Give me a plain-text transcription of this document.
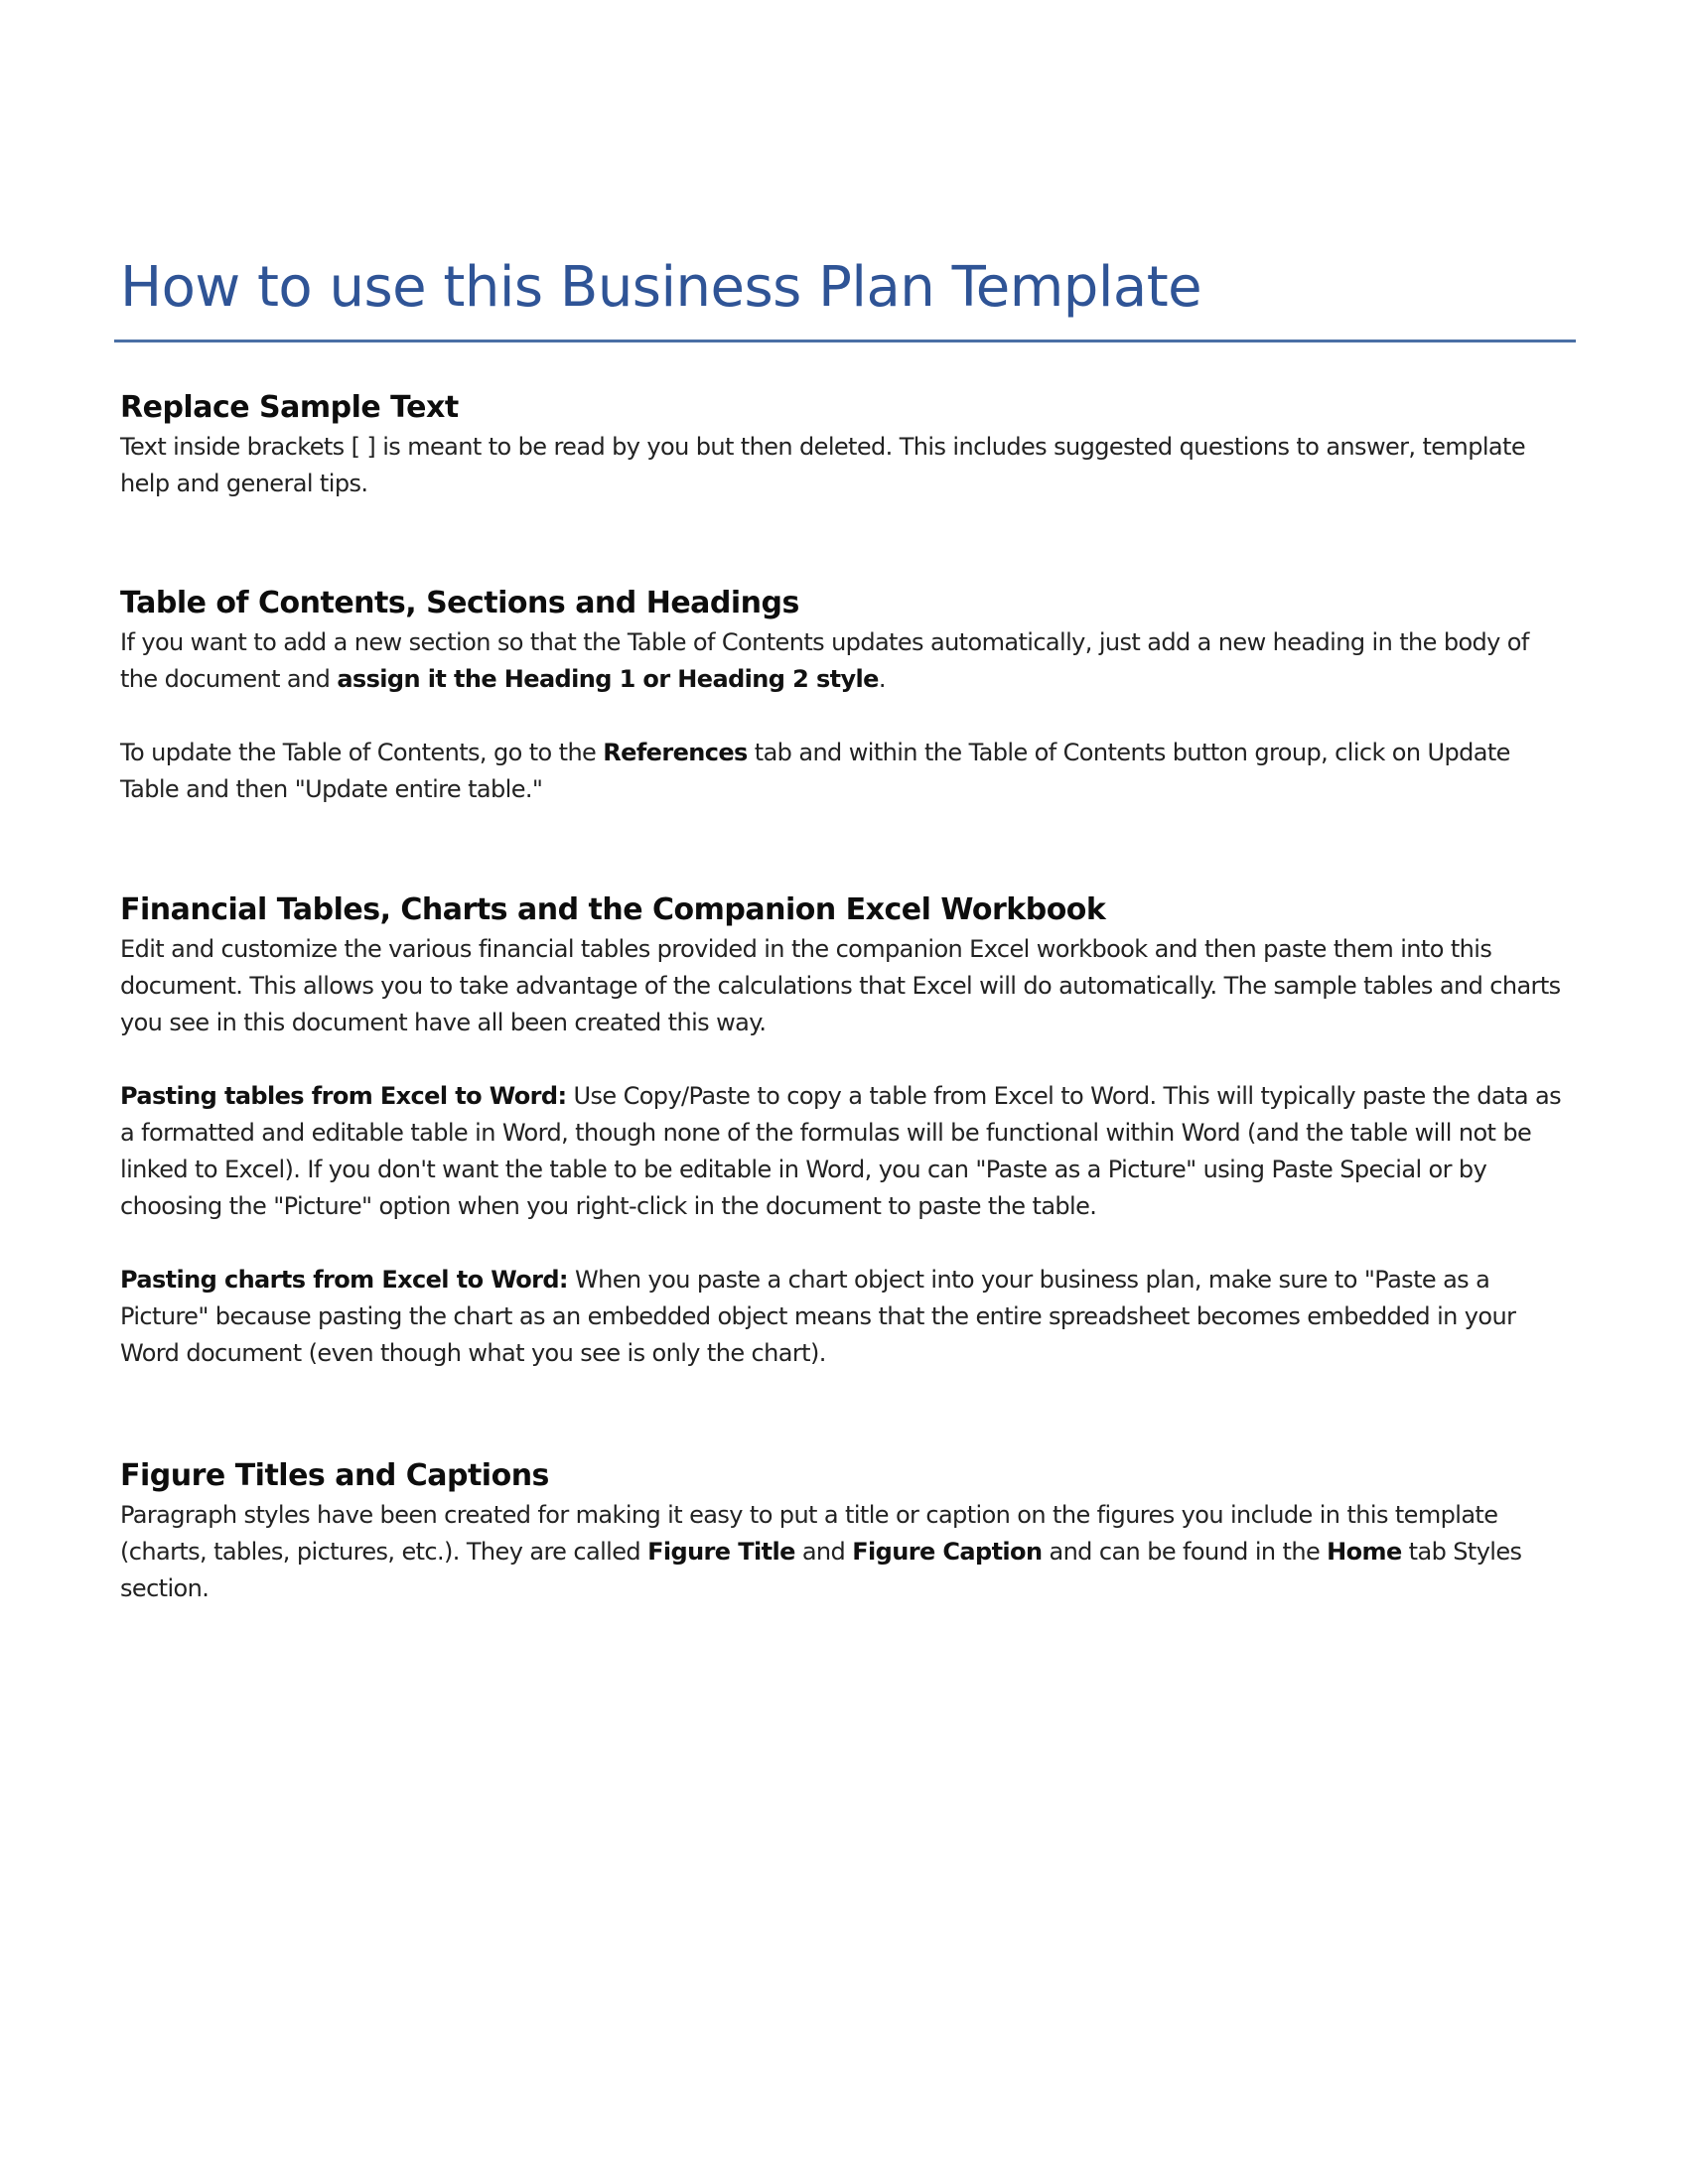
How to use this Business Plan Template
Replace Sample Text

Text inside brackets [ ] is meant to be read by you but then deleted. This includes suggested questions to answer, template help and general tips.

Table of Contents, Sections and Headings

If you want to add a new section so that the Table of Contents updates automatically, just add a new heading in the body of the document and assign it the Heading 1 or Heading 2 style.

To update the Table of Contents, go to the References tab and within the Table of Contents button group, click on Update Table and then "Update entire table."

Financial Tables, Charts and the Companion Excel Workbook

Edit and customize the various financial tables provided in the companion Excel workbook and then paste them into this document. This allows you to take advantage of the calculations that Excel will do automatically. The sample tables and charts you see in this document have all been created this way.

Pasting tables from Excel to Word: Use Copy/Paste to copy a table from Excel to Word. This will typically paste the data as a formatted and editable table in Word, though none of the formulas will be functional within Word (and the table will not be linked to Excel). If you don't want the table to be editable in Word, you can "Paste as a Picture" using Paste Special or by choosing the "Picture" option when you right-click in the document to paste the table.

Pasting charts from Excel to Word: When you paste a chart object into your business plan, make sure to "Paste as a Picture" because pasting the chart as an embedded object means that the entire spreadsheet becomes embedded in your Word document (even though what you see is only the chart).

Figure Titles and Captions

Paragraph styles have been created for making it easy to put a title or caption on the figures you include in this template (charts, tables, pictures, etc.). They are called Figure Title and Figure Caption and can be found in the Home tab Styles section.
